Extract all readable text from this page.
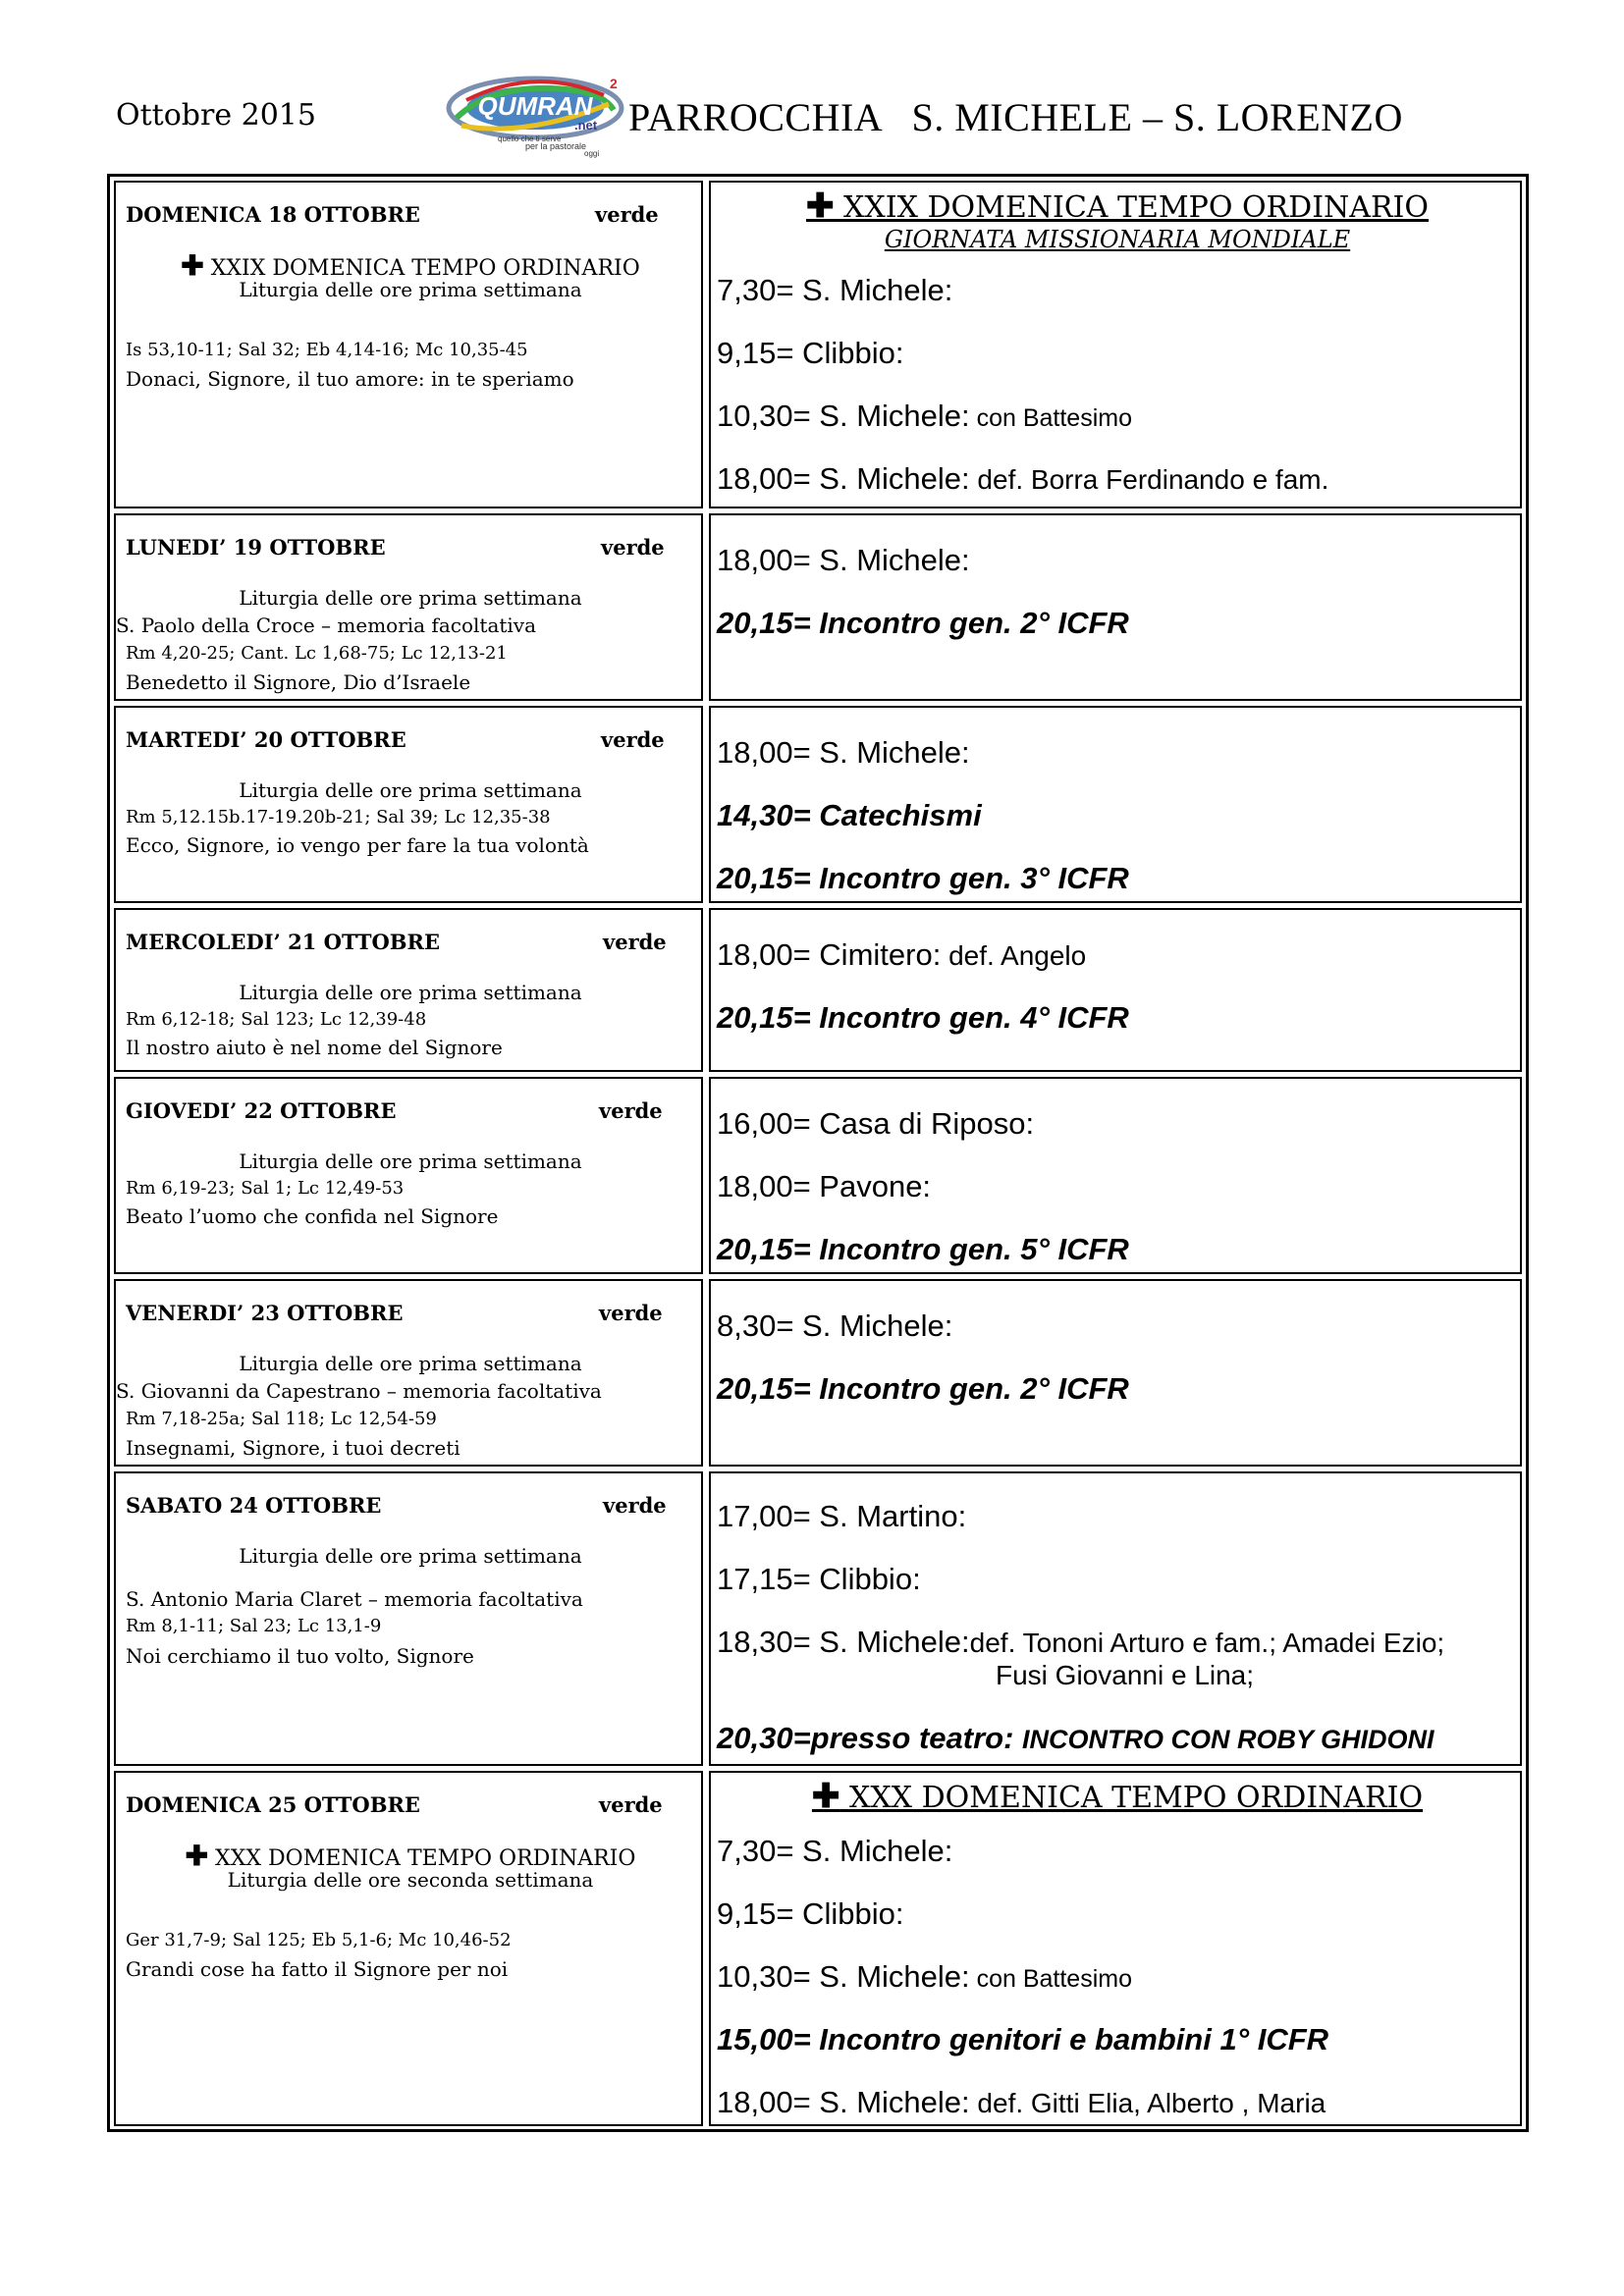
Ottobre 2015	QUMRAN
2
.net
quello che ti serve
per la pastorale
oggi
PARROCCHIA   S. MICHELE – S. LORENZO
DOMENICA 18 OTTOBRE	verde
✚ XXIX DOMENICA TEMPO ORDINARIO
Liturgia delle ore prima settimana
Is 53,10-11; Sal 32; Eb 4,14-16; Mc 10,35-45
Donaci, Signore, il tuo amore: in te speriamo
✚ XXIX DOMENICA TEMPO ORDINARIO
GIORNATA MISSIONARIA MONDIALE
7,30= S. Michele:
9,15= Clibbio:
10,30= S. Michele: con Battesimo
18,00= S. Michele: def. Borra Ferdinando e fam.
LUNEDI’ 19 OTTOBRE	verde
Liturgia delle ore prima settimana
S. Paolo della Croce – memoria facoltativa
Rm 4,20-25; Cant. Lc 1,68-75; Lc 12,13-21
Benedetto il Signore, Dio d’Israele
18,00= S. Michele:
20,15= Incontro gen. 2° ICFR
MARTEDI’ 20 OTTOBRE	verde
Liturgia delle ore prima settimana
Rm 5,12.15b.17-19.20b-21; Sal 39; Lc 12,35-38
Ecco, Signore, io vengo per fare la tua volontà
18,00= S. Michele:
14,30= Catechismi
20,15= Incontro gen. 3° ICFR
MERCOLEDI’ 21 OTTOBRE	verde
Liturgia delle ore prima settimana
Rm 6,12-18; Sal 123; Lc 12,39-48
Il nostro aiuto è nel nome del Signore
18,00= Cimitero: def. Angelo
20,15= Incontro gen. 4° ICFR
GIOVEDI’ 22 OTTOBRE	verde
Liturgia delle ore prima settimana
Rm 6,19-23; Sal 1; Lc 12,49-53
Beato l’uomo che confida nel Signore
16,00= Casa di Riposo:
18,00= Pavone:
20,15= Incontro gen. 5° ICFR
VENERDI’ 23 OTTOBRE	verde
Liturgia delle ore prima settimana
S. Giovanni da Capestrano – memoria facoltativa
Rm 7,18-25a; Sal 118; Lc 12,54-59
Insegnami, Signore, i tuoi decreti
8,30= S. Michele:
20,15= Incontro gen. 2° ICFR
SABATO 24 OTTOBRE	verde
Liturgia delle ore prima settimana
S. Antonio Maria Claret – memoria facoltativa
Rm 8,1-11; Sal 23; Lc 13,1-9
Noi cerchiamo il tuo volto, Signore
17,00= S. Martino:
17,15= Clibbio:
18,30= S. Michele:def. Tononi Arturo e fam.; Amadei Ezio;
Fusi Giovanni e Lina;
20,30=presso teatro: INCONTRO CON ROBY GHIDONI
DOMENICA 25 OTTOBRE	verde
✚ XXX DOMENICA TEMPO ORDINARIO
Liturgia delle ore seconda settimana
Ger 31,7-9; Sal 125; Eb 5,1-6; Mc 10,46-52
Grandi cose ha fatto il Signore per noi
✚ XXX DOMENICA TEMPO ORDINARIO
7,30= S. Michele:
9,15= Clibbio:
10,30= S. Michele: con Battesimo
15,00= Incontro genitori e bambini 1° ICFR
18,00= S. Michele: def. Gitti Elia, Alberto , Maria
